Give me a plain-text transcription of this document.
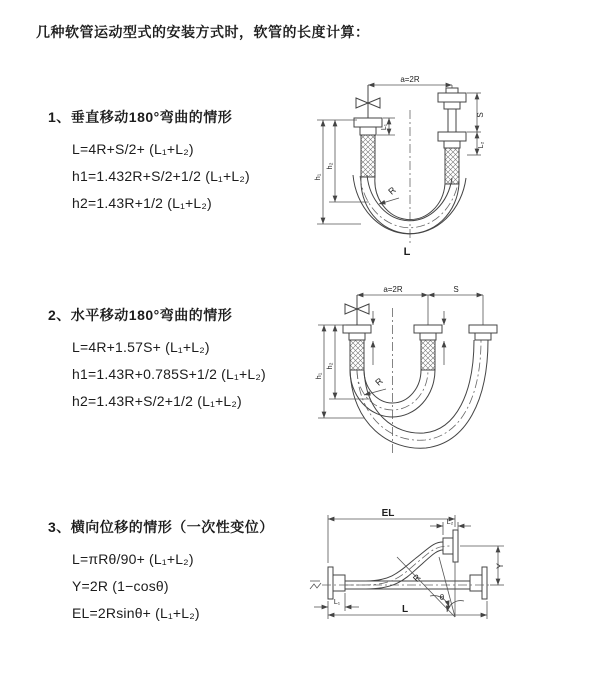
几种软管运动型式的安装方式时，软管的长度计算：
1、垂直移动180°弯曲的情形
L=4R+S/2+ (L₁+L₂)
h1=1.432R+S/2+1/2 (L₁+L₂)
h2=1.43R+1/2 (L₁+L₂)
2、水平移动180°弯曲的情形
L=4R+1.57S+ (L₁+L₂)
h1=1.43R+0.785S+1/2 (L₁+L₂)
h2=1.43R+S/2+1/2 (L₁+L₂)
3、横向位移的情形（一次性变位）
L=πRθ/90+ (L₁+L₂)
Y=2R (1−cosθ)
EL=2Rsinθ+ (L₁+L₂)
a=2R
h₁
h₂
L₁
S
L₂
R
L
a=2R	S
h₁
h₂
R
EL
L₂
Y
L
L₁
R
θ
